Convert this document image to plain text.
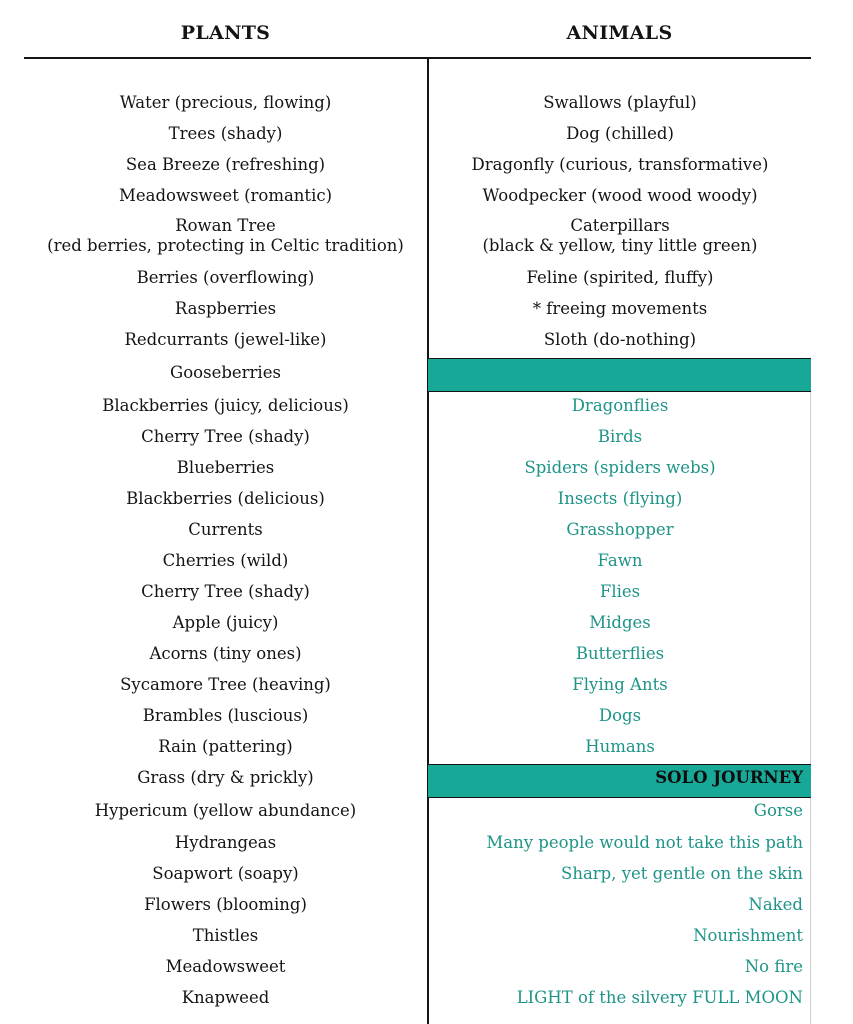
PLANTS	ANIMALS
Water (precious, flowing)
Trees (shady)
Sea Breeze (refreshing)
Meadowsweet (romantic)
Rowan Tree
(red berries, protecting in Celtic tradition)
Berries (overflowing)
Raspberries
Redcurrants (jewel-like)
Gooseberries
Blackberries (juicy, delicious)
Cherry Tree (shady)
Blueberries
Blackberries (delicious)
Currents
Cherries (wild)
Cherry Tree (shady)
Apple (juicy)
Acorns (tiny ones)
Sycamore Tree (heaving)
Brambles (luscious)
Rain (pattering)
Grass (dry & prickly)
Hypericum (yellow abundance)
Hydrangeas
Soapwort (soapy)
Flowers (blooming)
Thistles
Meadowsweet
Knapweed
Swallows (playful)
Dog (chilled)
Dragonfly (curious, transformative)
Woodpecker (wood wood woody)
Caterpillars
(black & yellow, tiny little green)
Feline (spirited, fluffy)
* freeing movements
Sloth (do-nothing)
Dragonflies
Birds
Spiders (spiders webs)
Insects (flying)
Grasshopper
Fawn
Flies
Midges
Butterflies
Flying Ants
Dogs
Humans
SOLO JOURNEY
Gorse
Many people would not take this path
Sharp, yet gentle on the skin
Naked
Nourishment
No fire
LIGHT of the silvery FULL MOON
